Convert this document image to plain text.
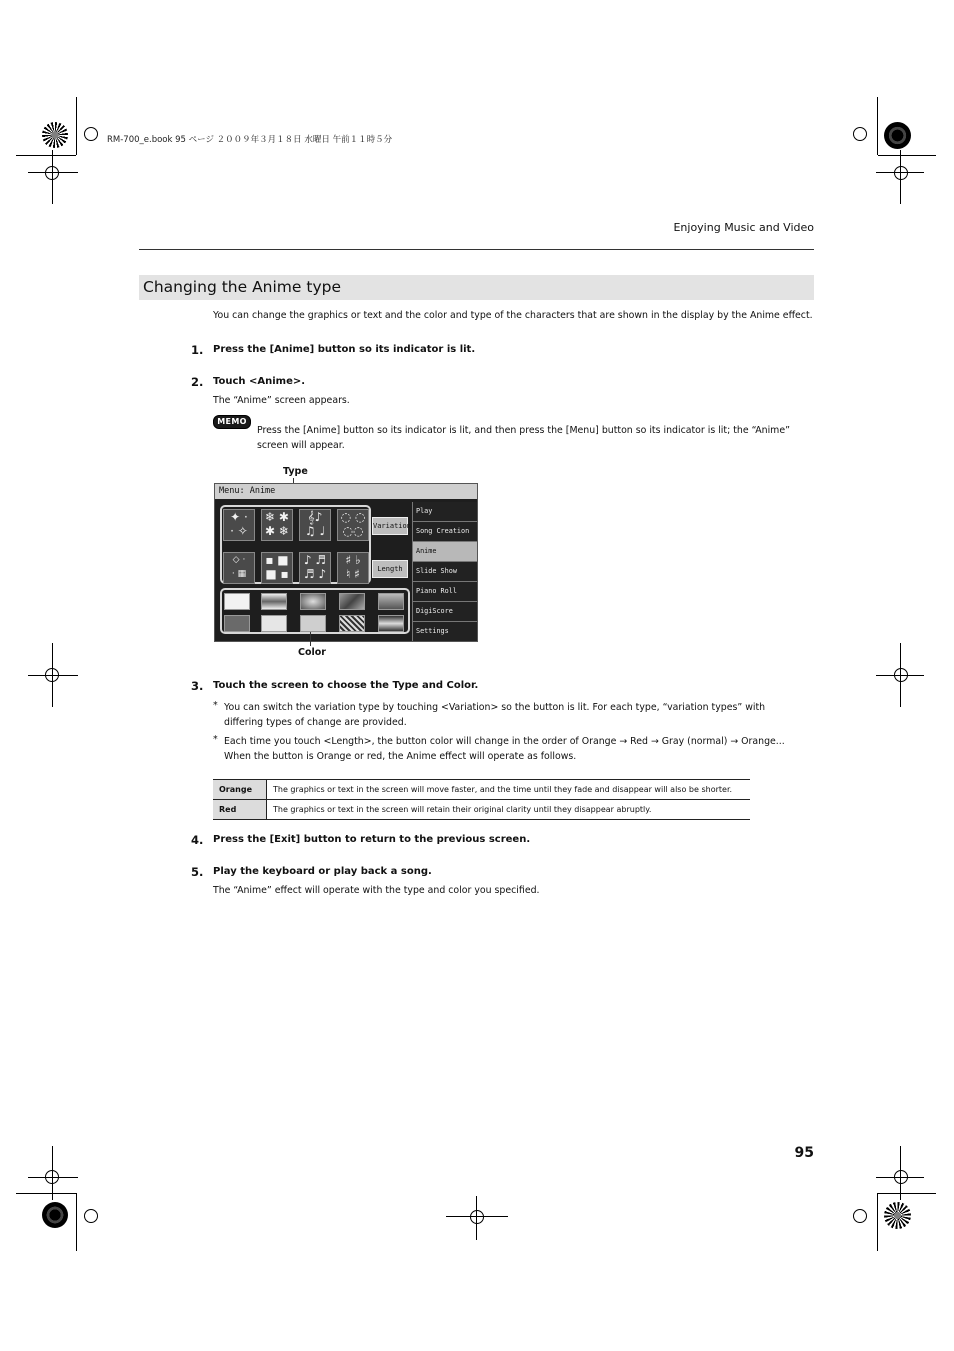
RM-700_e.book 95 ページ ２００９年３月１８日 水曜日 午前１１時５分
Enjoying Music and Video
Changing the Anime type
You can change the graphics or text and the color and type of the characters that are shown in the display by the Anime effect.
1. Press the [Anime] button so its indicator is lit.
2. Touch <Anime>.
The “Anime” screen appears.
MEMO
Press the [Anime] button so its indicator is lit, and then press the [Menu] button so its indicator is lit; the “Anime” screen will appear.
Type
Menu: Anime
✦ ·
· ✧
❄ ✱
✱ ❄
𝄞♪
♫ ♩
◌ ◌
◌◌
◇ ·
· ▦
▪ ■
■ ▪
♪ ♬
♬ ♪
♯ ♭
♮ ♯
Variation
Length
Play
Song Creation
Anime
Slide Show
Piano Roll
DigiScore
Settings
Color
3. Touch the screen to choose the Type and Color.
* You can switch the variation type by touching <Variation> so the button is lit. For each type, “variation types” with differing types of change are provided.
* Each time you touch <Length>, the button color will change in the order of Orange → Red → Gray (normal) → Orange...
When the button is Orange or red, the Anime effect will operate as follows.
Orange	The graphics or text in the screen will move faster, and the time until they fade and disappear will also be shorter.
Red	The graphics or text in the screen will retain their original clarity until they disappear abruptly.
4. Press the [Exit] button to return to the previous screen.
5. Play the keyboard or play back a song.
The “Anime” effect will operate with the type and color you specified.
95
